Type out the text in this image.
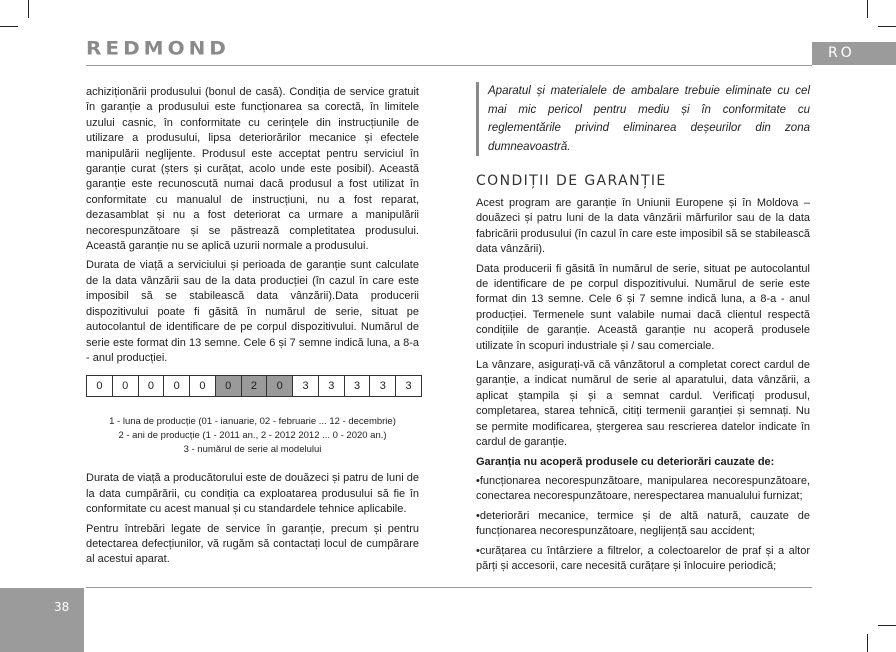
REDMOND	RO

achiziționării produsului (bonul de casă). Condiția de service gratuit în garanție a produsului este funcționarea sa corectă, în limitele uzului casnic, în conformitate cu cerințele din instrucțiunile de utilizare a produsului, lipsa deteriorărilor mecanice și efectele manipulării neglijente. Produsul este acceptat pentru serviciul în garanție curat (șters și curățat, acolo unde este posibil). Această garanție este recunoscută numai dacă produsul a fost utilizat în conformitate cu manualul de instrucțiuni, nu a fost reparat, dezasamblat și nu a fost deteriorat ca urmare a manipulării necorespunzătoare și se păstrează completitatea produsului. Această garanție nu se aplică uzurii normale a produsului.

Durata de viață a serviciului și perioada de garanție sunt calculate de la data vânzării sau de la data producției (în cazul în care este imposibil să se stabilească data vânzării).Data producerii dispozitivului poate fi găsită în numărul de serie, situat pe autocolantul de identificare de pe corpul dispozitivului. Numărul de serie este format din 13 semne. Cele 6 și 7 semne indică luna, a 8-a - anul producției.

0	0	0	0	0	0	2	0	3	3	3	3	3
1 - luna de producție (01 - ianuarie, 02 - februarie ... 12 - decembrie)
2 - ani de producție (1 - 2011 an., 2 - 2012 2012 ... 0 - 2020 an.)
3 - numărul de serie al modelului

Durata de viață a producătorului este de douăzeci și patru de luni de la data cumpărării, cu condiția ca exploatarea produsului să fie în conformitate cu acest manual și cu standardele tehnice aplicabile.

Pentru întrebări legate de service în garanție, precum și pentru detectarea defecțiunilor, vă rugăm să contactați locul de cumpărare al acestui aparat.

Aparatul și materialele de ambalare trebuie eliminate cu cel mai mic pericol pentru mediu și în conformitate cu reglementările privind eliminarea deșeurilor din zona dumneavoastră.
CONDIȚII DE GARANȚIE

Acest program are garanție în Uniunii Europene și în Moldova – douăzeci și patru luni de la data vânzării mărfurilor sau de la data fabricării produsului (în cazul în care este imposibil să se stabilească data vânzării).

Data producerii fi găsită în numărul de serie, situat pe autocolantul de identificare de pe corpul dispozitivului. Numărul de serie este format din 13 semne. Cele 6 și 7 semne indică luna, a 8-a - anul producției. Termenele sunt valabile numai dacă clientul respectă condițiile de garanție. Această garanție nu acoperă produsele utilizate în scopuri industriale și / sau comerciale.

La vânzare, asigurați-vă că vânzătorul a completat corect cardul de garanție, a indicat numărul de serie al aparatului, data vânzării, a aplicat ștampila și și a semnat cardul. Verificați produsul, completarea, starea tehnică, citiți termenii garanției și semnați. Nu se permite modificarea, ștergerea sau rescrierea datelor indicate în cardul de garanție.

Garanția nu acoperă produsele cu deteriorări cauzate de:

•funcționarea necorespunzătoare, manipularea necorespunzătoare, conectarea necorespunzătoare, nerespectarea manualului furnizat;

•deteriorări mecanice, termice și de altă natură, cauzate de funcționarea necorespunzătoare, neglijență sau accident;

•curățarea cu întârziere a filtrelor, a colectoarelor de praf și a altor părți și accesorii, care necesită curățare și înlocuire periodică;

38
